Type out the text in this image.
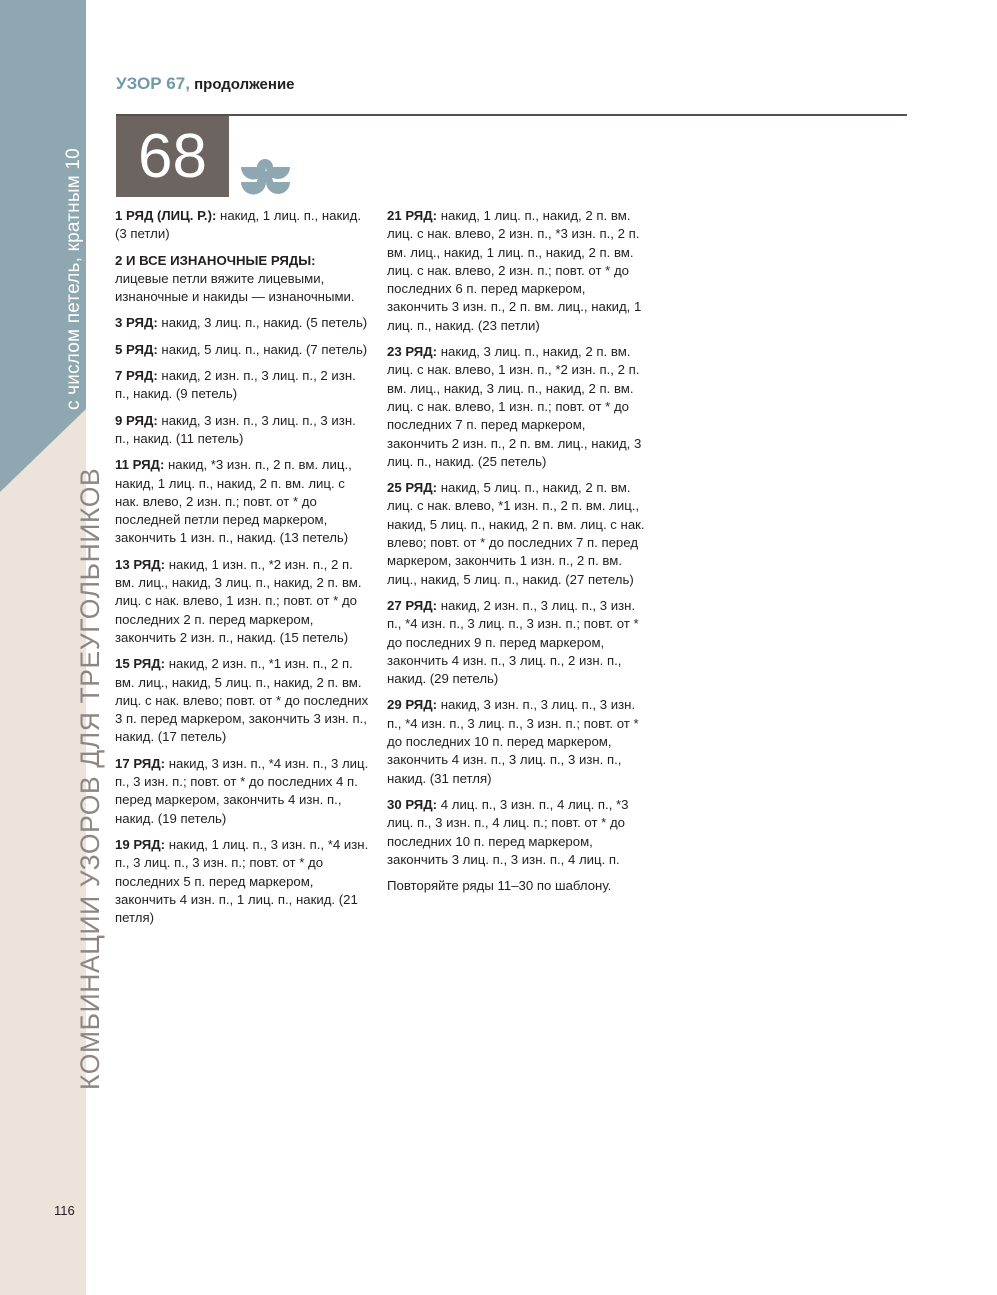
с числом петель, кратным 10
КОМБИНАЦИИ УЗОРОВ ДЛЯ ТРЕУГОЛЬНИКОВ
116
УЗОР 67, продолжение
68

1 РЯД (ЛИЦ. Р.): накид, 1 лиц. п., накид. (3 петли)

2 И ВСЕ ИЗНАНОЧНЫЕ РЯДЫ: лицевые петли вяжите лицевыми, изнаночные и накиды — изнаночными.

3 РЯД: накид, 3 лиц. п., накид. (5 петель)

5 РЯД: накид, 5 лиц. п., накид. (7 петель)

7 РЯД: накид, 2 изн. п., 3 лиц. п., 2 изн. п., накид. (9 петель)

9 РЯД: накид, 3 изн. п., 3 лиц. п., 3 изн. п., накид. (11 петель)

11 РЯД: накид, *3 изн. п., 2 п. вм. лиц., накид, 1 лиц. п., накид, 2 п. вм. лиц. с нак. влево, 2 изн. п.; повт. от * до последней петли перед маркером, закончить 1 изн. п., накид. (13 петель)

13 РЯД: накид, 1 изн. п., *2 изн. п., 2 п. вм. лиц., накид, 3 лиц. п., накид, 2 п. вм. лиц. с нак. влево, 1 изн. п.; повт. от * до последних 2 п. перед маркером, закончить 2 изн. п., накид. (15 петель)

15 РЯД: накид, 2 изн. п., *1 изн. п., 2 п. вм. лиц., накид, 5 лиц. п., накид, 2 п. вм. лиц. с нак. влево; повт. от * до последних 3 п. перед маркером, закончить 3 изн. п., накид. (17 петель)

17 РЯД: накид, 3 изн. п., *4 изн. п., 3 лиц. п., 3 изн. п.; повт. от * до последних 4 п. перед маркером, закончить 4 изн. п., накид. (19 петель)

19 РЯД: накид, 1 лиц. п., 3 изн. п., *4 изн. п., 3 лиц. п., 3 изн. п.; повт. от * до последних 5 п. перед маркером, закончить 4 изн. п., 1 лиц. п., накид. (21 петля)

21 РЯД: накид, 1 лиц. п., накид, 2 п. вм. лиц. с нак. влево, 2 изн. п., *3 изн. п., 2 п. вм. лиц., накид, 1 лиц. п., накид, 2 п. вм. лиц. с нак. влево, 2 изн. п.; повт. от * до последних 6 п. перед маркером, закончить 3 изн. п., 2 п. вм. лиц., накид, 1 лиц. п., накид. (23 петли)

23 РЯД: накид, 3 лиц. п., накид, 2 п. вм. лиц. с нак. влево, 1 изн. п., *2 изн. п., 2 п. вм. лиц., накид, 3 лиц. п., накид, 2 п. вм. лиц. с нак. влево, 1 изн. п.; повт. от * до последних 7 п. перед маркером, закончить 2 изн. п., 2 п. вм. лиц., накид, 3 лиц. п., накид. (25 петель)

25 РЯД: накид, 5 лиц. п., накид, 2 п. вм. лиц. с нак. влево, *1 изн. п., 2 п. вм. лиц., накид, 5 лиц. п., накид, 2 п. вм. лиц. с нак. влево; повт. от * до последних 7 п. перед маркером, закончить 1 изн. п., 2 п. вм. лиц., накид, 5 лиц. п., накид. (27 петель)

27 РЯД: накид, 2 изн. п., 3 лиц. п., 3 изн. п., *4 изн. п., 3 лиц. п., 3 изн. п.; повт. от * до последних 9 п. перед маркером, закончить 4 изн. п., 3 лиц. п., 2 изн. п., накид. (29 петель)

29 РЯД: накид, 3 изн. п., 3 лиц. п., 3 изн. п., *4 изн. п., 3 лиц. п., 3 изн. п.; повт. от * до последних 10 п. перед маркером, закончить 4 изн. п., 3 лиц. п., 3 изн. п., накид. (31 петля)

30 РЯД: 4 лиц. п., 3 изн. п., 4 лиц. п., *3 лиц. п., 3 изн. п., 4 лиц. п.; повт. от * до последних 10 п. перед маркером, закончить 3 лиц. п., 3 изн. п., 4 лиц. п.

Повторяйте ряды 11–30 по шаблону.
